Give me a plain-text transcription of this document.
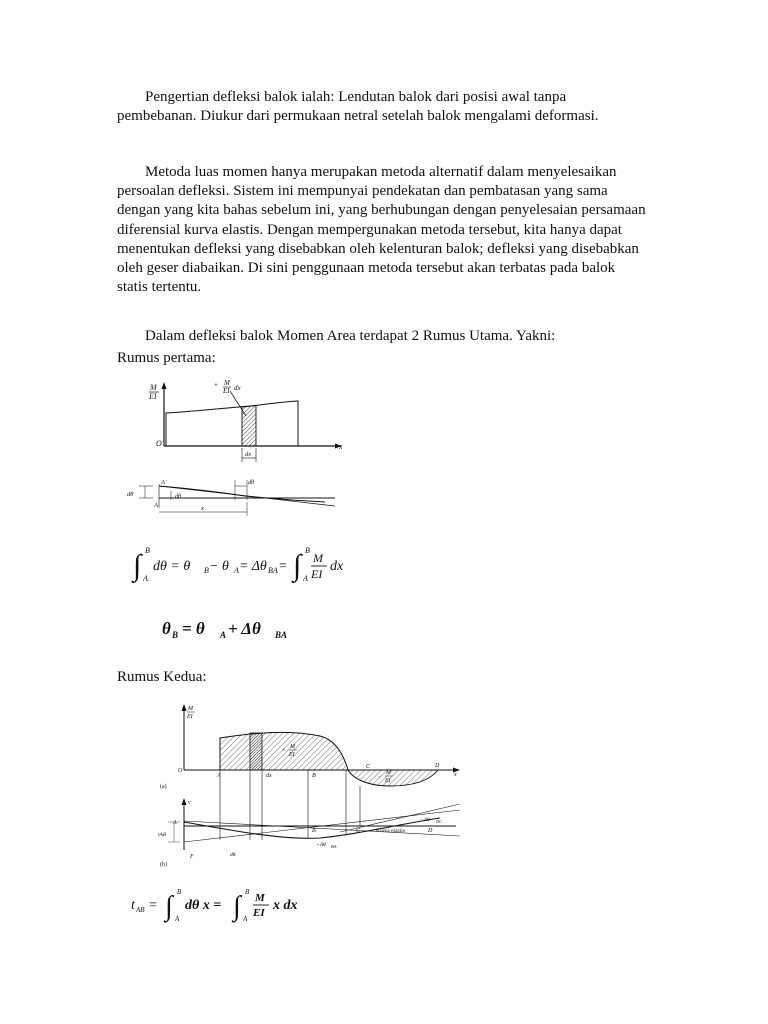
Pengertian defleksi balok ialah: Lendutan balok dari posisi awal tanpa pembebanan. Diukur dari permukaan netral setelah balok mengalami deformasi.

Metoda luas momen hanya merupakan metoda alternatif dalam menyelesaikan persoalan defleksi. Sistem ini mempunyai pendekatan dan pembatasan yang sama dengan yang kita bahas sebelum ini, yang berhubungan dengan penyelesaian persamaan diferensial kurva elastis. Dengan mempergunakan metoda tersebut, kita hanya dapat menentukan defleksi yang disebabkan oleh kelenturan balok; defleksi yang disebabkan oleh geser diabaikan. Di sini penggunaan metoda tersebut akan terbatas pada balok statis tertentu.

Dalam defleksi balok Momen Area terdapat 2 Rumus Utama. Yakni:

Rumus pertama:

M
EI
O	x
+ M
EI dx
dx
dθ
A'
A
dθ
dθ
x
∫ B
A
dθ = θ B − θ A = Δθ BA = ∫ B
A
M
EI dx
θ B = θ A + Δθ BA

Rumus Kedua:

M
EI
x
O
+
M
EI
−
M
EI
A	B
C	D
dx
(a)
v
A
B	C	D
tAB
−Δθ DC
Kurva elastis
+Δθ BA
F	dθ
(b)
t AB = ∫ B
A
dθ x = ∫ B
A
M
EI x dx
